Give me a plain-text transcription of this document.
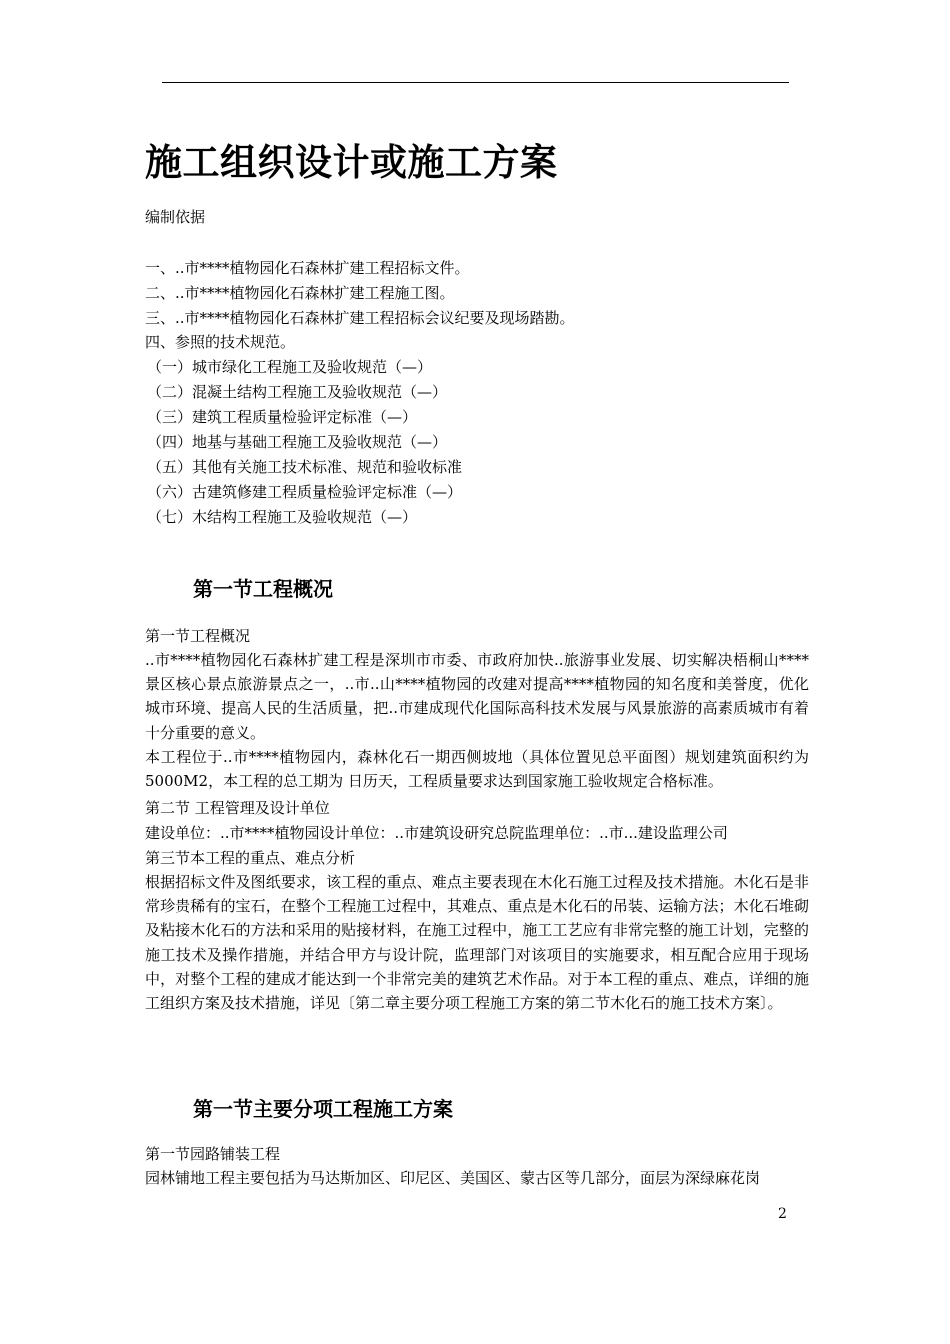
施工组织设计或施工方案
编制依据
一、..市****植物园化石森林扩建工程招标文件。
二、..市****植物园化石森林扩建工程施工图。
三、..市****植物园化石森林扩建工程招标会议纪要及现场踏勘。
四、参照的技术规范。
（一）城市绿化工程施工及验收规范（—）
（二）混凝土结构工程施工及验收规范（—）
（三）建筑工程质量检验评定标准（—）
（四）地基与基础工程施工及验收规范（—）
（五）其他有关施工技术标准、规范和验收标准
（六）古建筑修建工程质量检验评定标准（—）
（七）木结构工程施工及验收规范（—）
第一节工程概况
第一节工程概况
..市****植物园化石森林扩建工程是深圳市市委、市政府加快..旅游事业发展、切实解决梧桐山****景区核心景点旅游景点之一，..市..山****植物园的改建对提高****植物园的知名度和美誉度，优化城市环境、提高人民的生活质量，把..市建成现代化国际高科技术发展与风景旅游的高素质城市有着十分重要的意义。
本工程位于..市****植物园内，森林化石一期西侧坡地（具体位置见总平面图）规划建筑面积约为5000M2，本工程的总工期为 日历天，工程质量要求达到国家施工验收规定合格标准。
第二节 工程管理及设计单位
建设单位：..市****植物园设计单位：..市建筑设研究总院监理单位：..市...建设监理公司
第三节本工程的重点、难点分析
根据招标文件及图纸要求，该工程的重点、难点主要表现在木化石施工过程及技术措施。木化石是非常珍贵稀有的宝石，在整个工程施工过程中，其难点、重点是木化石的吊装、运输方法；木化石堆砌及粘接木化石的方法和采用的贴接材料，在施工过程中，施工工艺应有非常完整的施工计划，完整的施工技术及操作措施，并结合甲方与设计院，监理部门对该项目的实施要求，相互配合应用于现场中，对整个工程的建成才能达到一个非常完美的建筑艺术作品。对于本工程的重点、难点，详细的施工组织方案及技术措施，详见〔第二章主要分项工程施工方案的第二节木化石的施工技术方案〕。
第一节主要分项工程施工方案
第一节园路铺装工程
园林铺地工程主要包括为马达斯加区、印尼区、美国区、蒙古区等几部分，面层为深绿麻花岗
2
